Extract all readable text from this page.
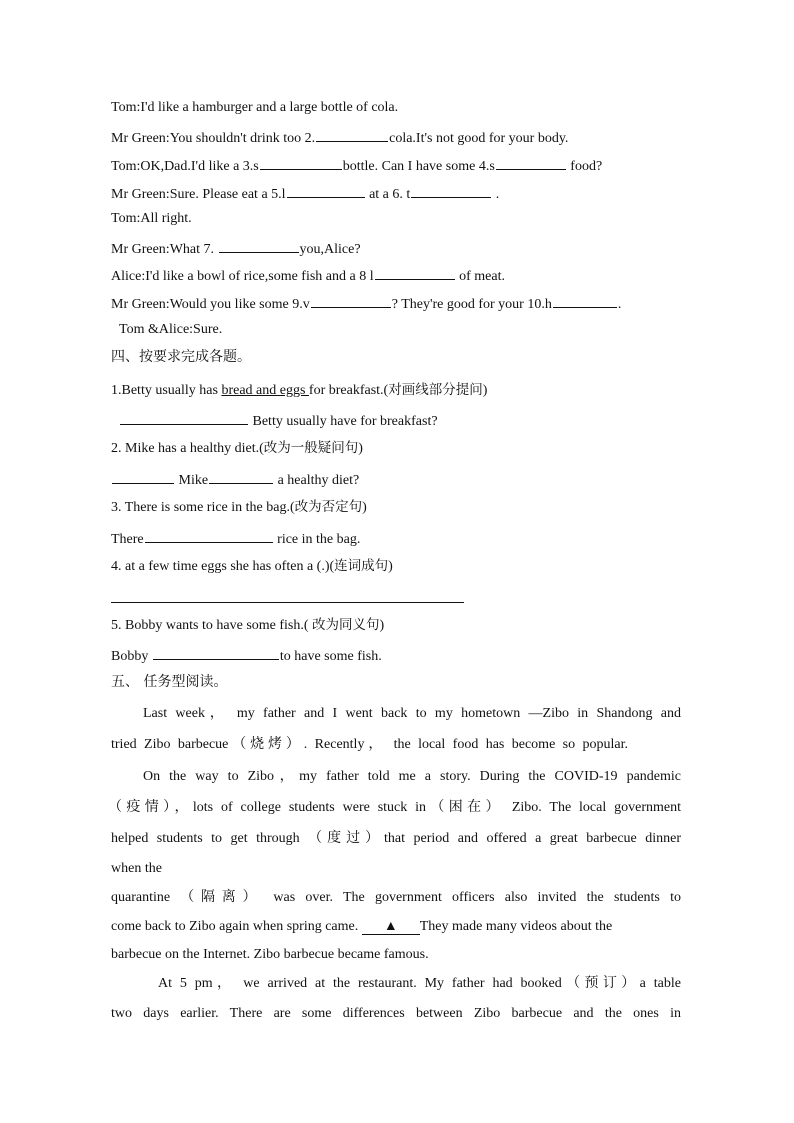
Tom:I'd like a hamburger and a large bottle of cola.
Mr Green:You shouldn't drink too 2.	cola.It's not good for your body.
Tom:OK,Dad.I'd like a 3.s	bottle. Can I have some 4.s	food?
Mr Green:Sure. Please eat a 5.l	at a 6. t	.
Tom:All right.
Mr Green:What 7.	you,Alice?
Alice:I'd like a bowl of rice,some fish and a 8 l	of meat.
Mr Green:Would you like some 9.v	? They're good for your 10.h	.
Tom &Alice:Sure.
四、按要求完成各题。
1.Betty usually has bread and eggs for breakfast.(对画线部分提问)
Betty usually have for breakfast?
2. Mike has a healthy diet.(改为一般疑问句)
Mike	a healthy diet?
3. There is some rice in the bag.(改为否定句)
There	rice in the bag.
4. at a few time eggs she has often a (.)(连词成句)
5. Bobby wants to have some fish.( 改为同义句)
Bobby	to have some fish.
五、 任务型阅读。
Last week， my father and I went back to my hometown —Zibo in Shandong and
tried Zibo barbecue（烧烤）. Recently， the local food has become so popular.
On the way to Zibo，my father told me a story. During the COVID-19 pandemic
（疫情），lots of college students were stuck in（困在） Zibo. The local government
helped students to get through （度过）that period and offered a great barbecue dinner
when the
quarantine （隔离） was over. The government officers also invited the students to
come back to Zibo again when spring came. ▲ They made many videos about the
barbecue on the Internet. Zibo barbecue became famous.
At 5 pm， we arrived at the restaurant. My father had booked（预订）a table
two days earlier. There are some differences between Zibo barbecue and the ones in
